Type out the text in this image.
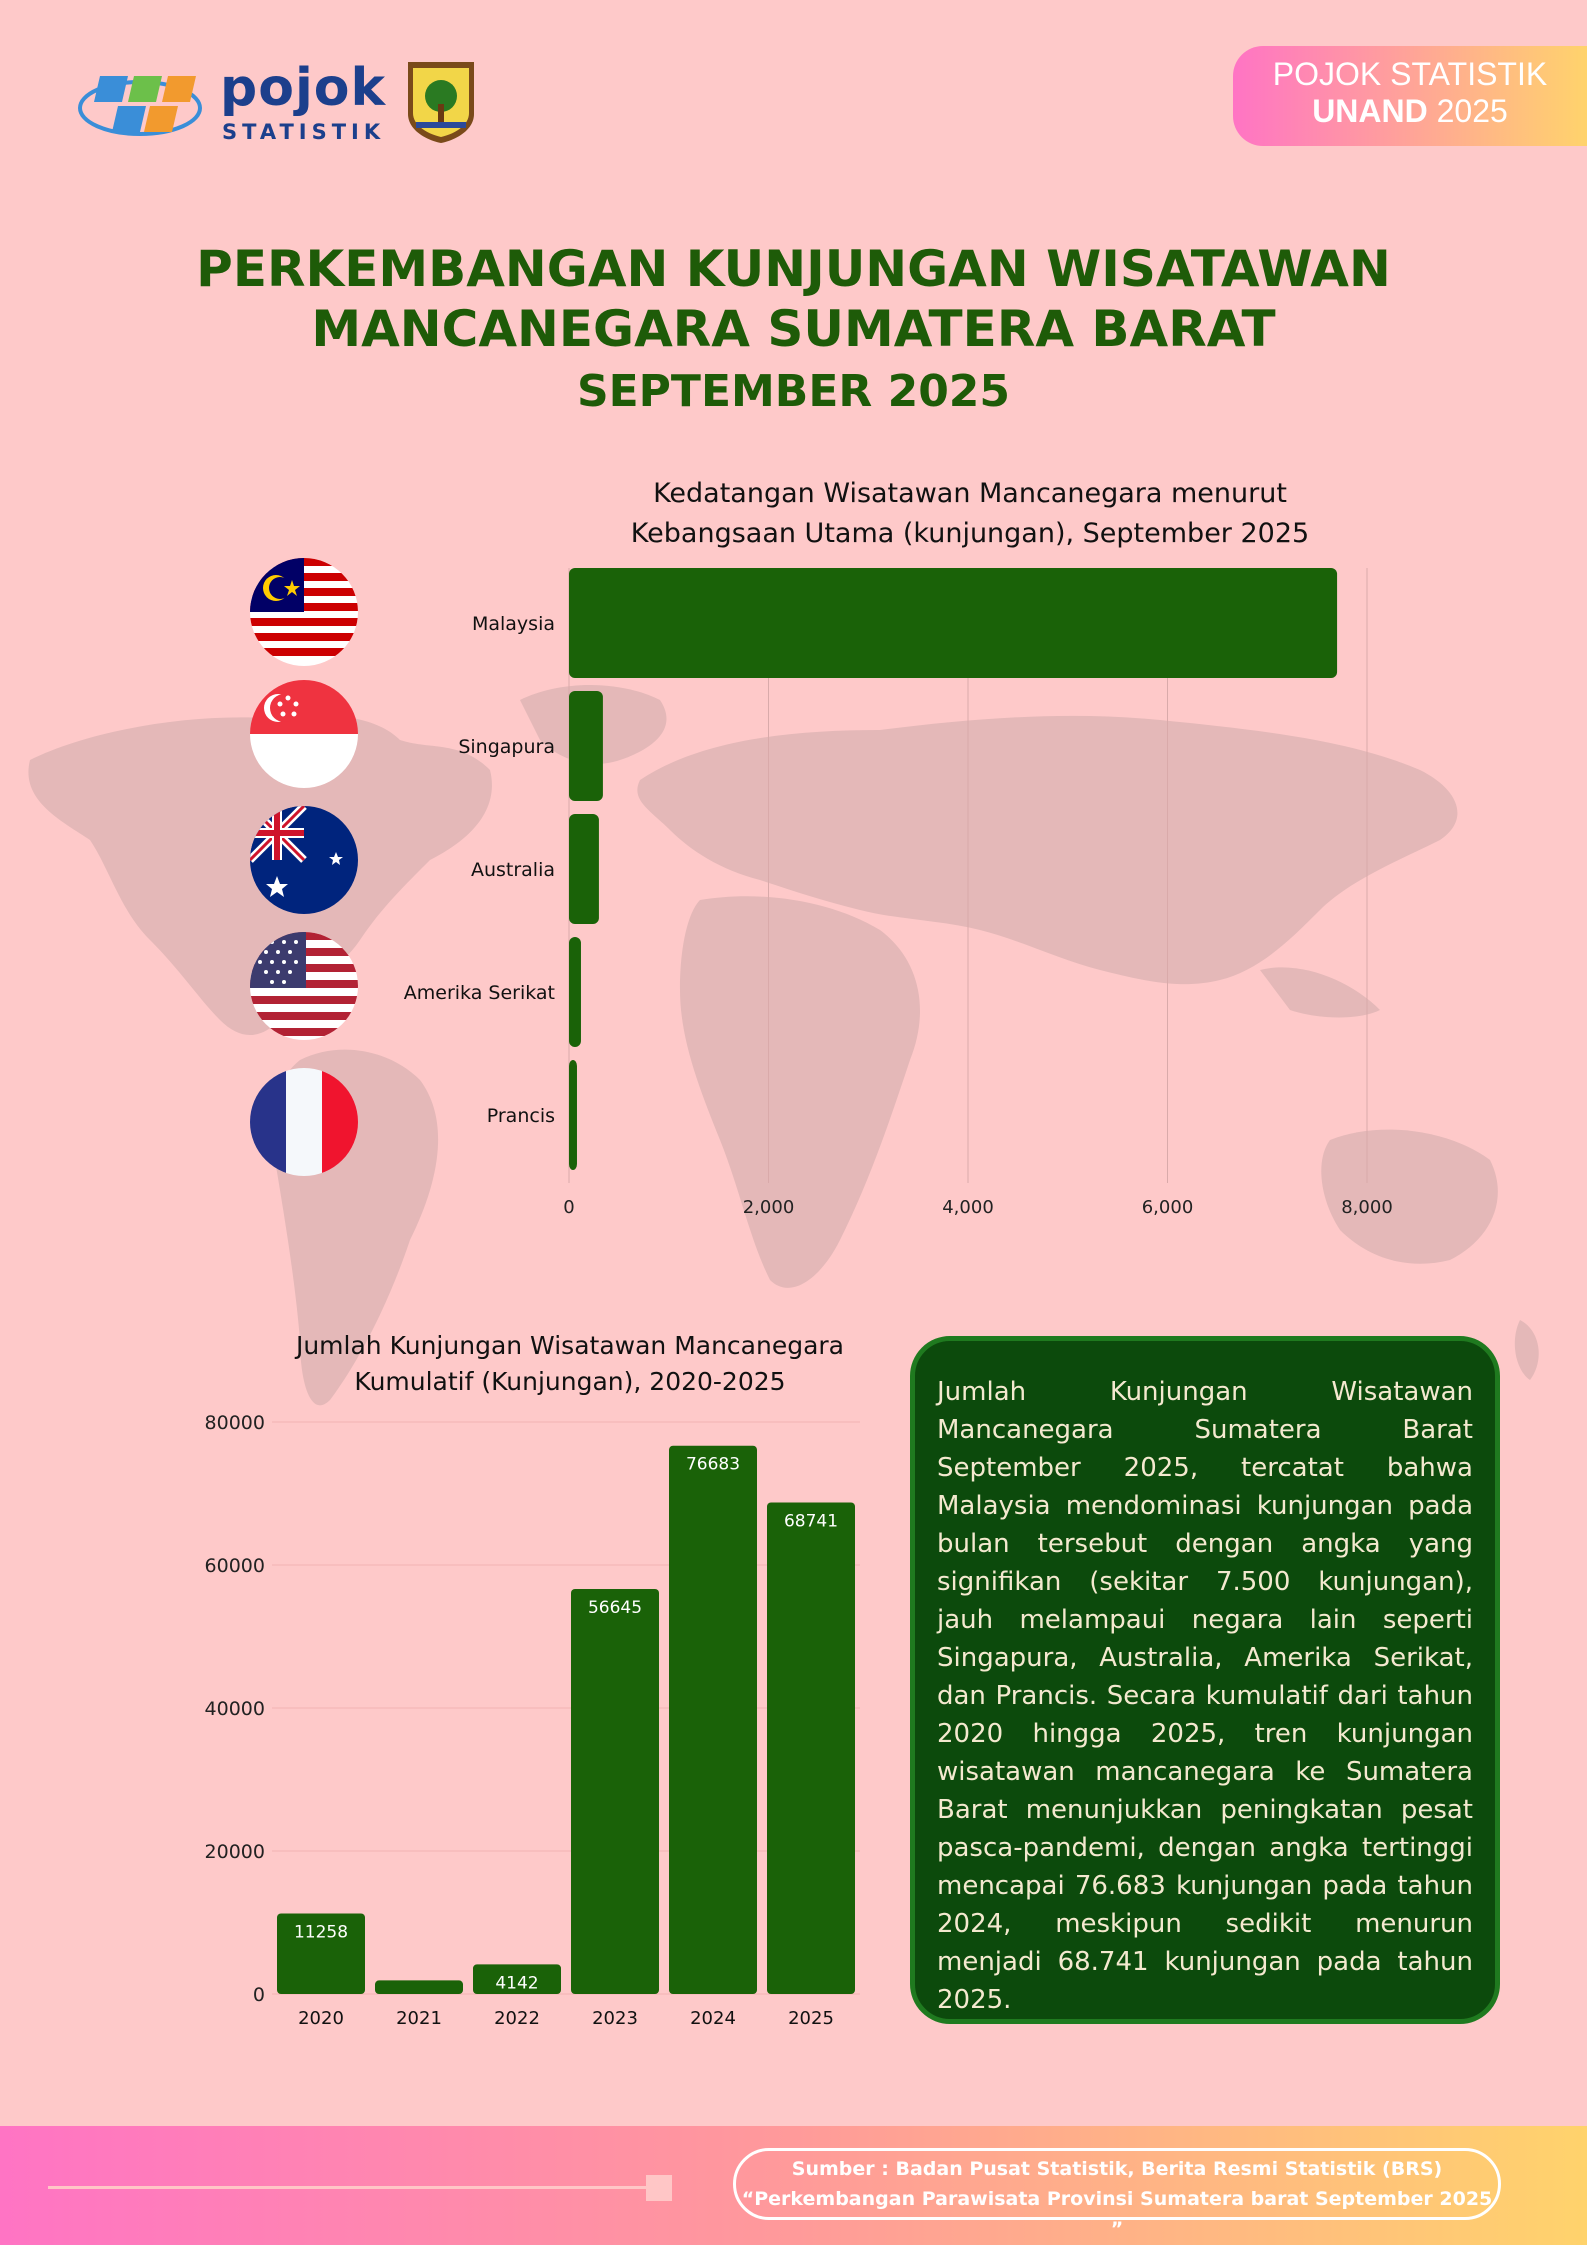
pojok
STATISTIK
POJOK STATISTIK
UNAND 2025
PERKEMBANGAN KUNJUNGAN WISATAWAN
MANCANEGARA SUMATERA BARAT
SEPTEMBER 2025
Kedatangan Wisatawan Mancanegara menurut
Kebangsaan Utama (kunjungan), September 2025
0	2,000	4,000	6,000	8,000
Malaysia
Singapura
Australia
Amerika Serikat
Prancis
Jumlah Kunjungan Wisatawan Mancanegara
Kumulatif (Kunjungan), 2020-2025
0
20000
40000
60000
80000
11258
2020	2021
4142
2022
56645
2023
76683
2024
68741
2025
Jumlah Kunjungan Wisatawan Mancanegara Sumatera Barat September 2025, tercatat bahwa Malaysia mendominasi kunjungan pada bulan tersebut dengan angka yang signifikan (sekitar 7.500 kunjungan), jauh melampaui negara lain seperti Singapura, Australia, Amerika Serikat, dan Prancis. Secara kumulatif dari tahun 2020 hingga 2025, tren kunjungan wisatawan mancanegara ke Sumatera Barat menunjukkan peningkatan pesat pasca-pandemi, dengan angka tertinggi mencapai 76.683 kunjungan pada tahun 2024, meskipun sedikit menurun menjadi 68.741 kunjungan pada tahun 2025.
Sumber : Badan Pusat Statistik, Berita Resmi Statistik (BRS)
“Perkembangan Parawisata Provinsi Sumatera barat September 2025 ”
